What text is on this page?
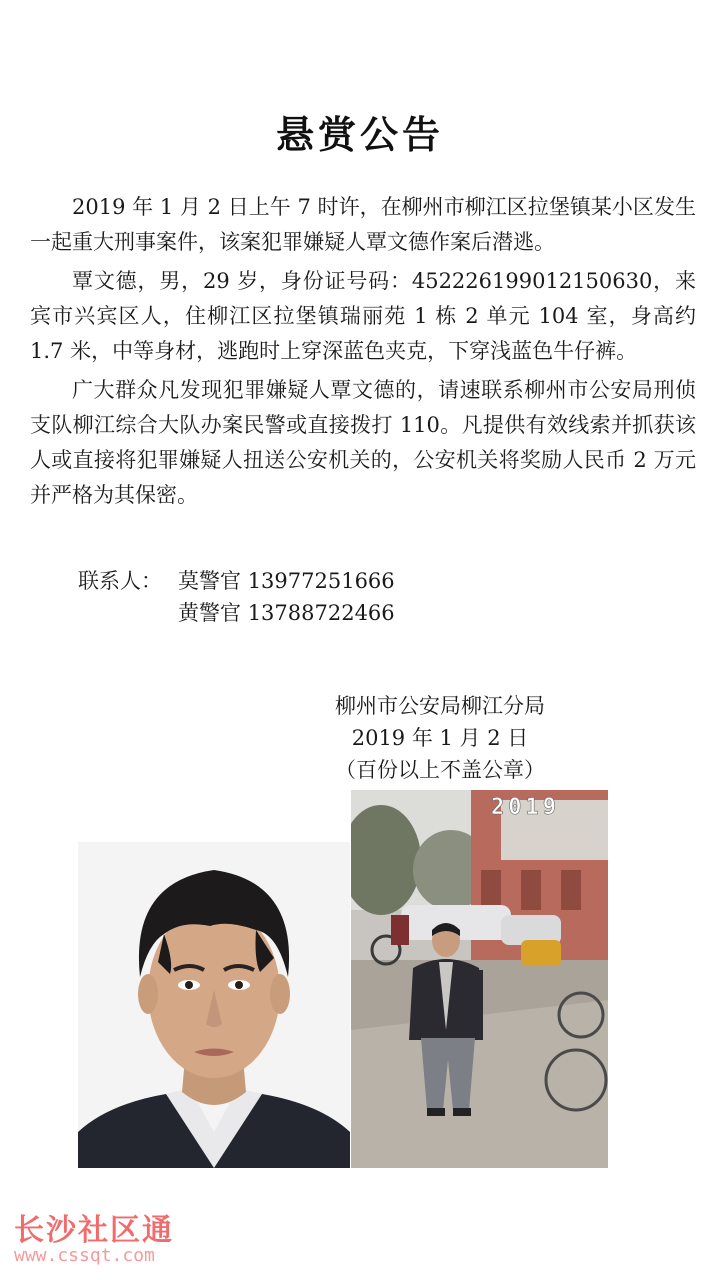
悬赏公告

2019 年 1 月 2 日上午 7 时许，在柳州市柳江区拉堡镇某小区发生一起重大刑事案件，该案犯罪嫌疑人覃文德作案后潜逃。

覃文德，男，29 岁，身份证号码：452226199012150630，来宾市兴宾区人，住柳江区拉堡镇瑞丽苑 1 栋 2 单元 104 室，身高约 1.7 米，中等身材，逃跑时上穿深蓝色夹克，下穿浅蓝色牛仔裤。

广大群众凡发现犯罪嫌疑人覃文德的，请速联系柳州市公安局刑侦支队柳江综合大队办案民警或直接拨打 110。凡提供有效线索并抓获该人或直接将犯罪嫌疑人扭送公安机关的，公安机关将奖励人民币 2 万元并严格为其保密。

联系人： 莫警官 13977251666
黄警官 13788722466
柳州市公安局柳江分局
2019 年 1 月 2 日
（百份以上不盖公章）
2019
长沙社区通
www.cssqt.com
